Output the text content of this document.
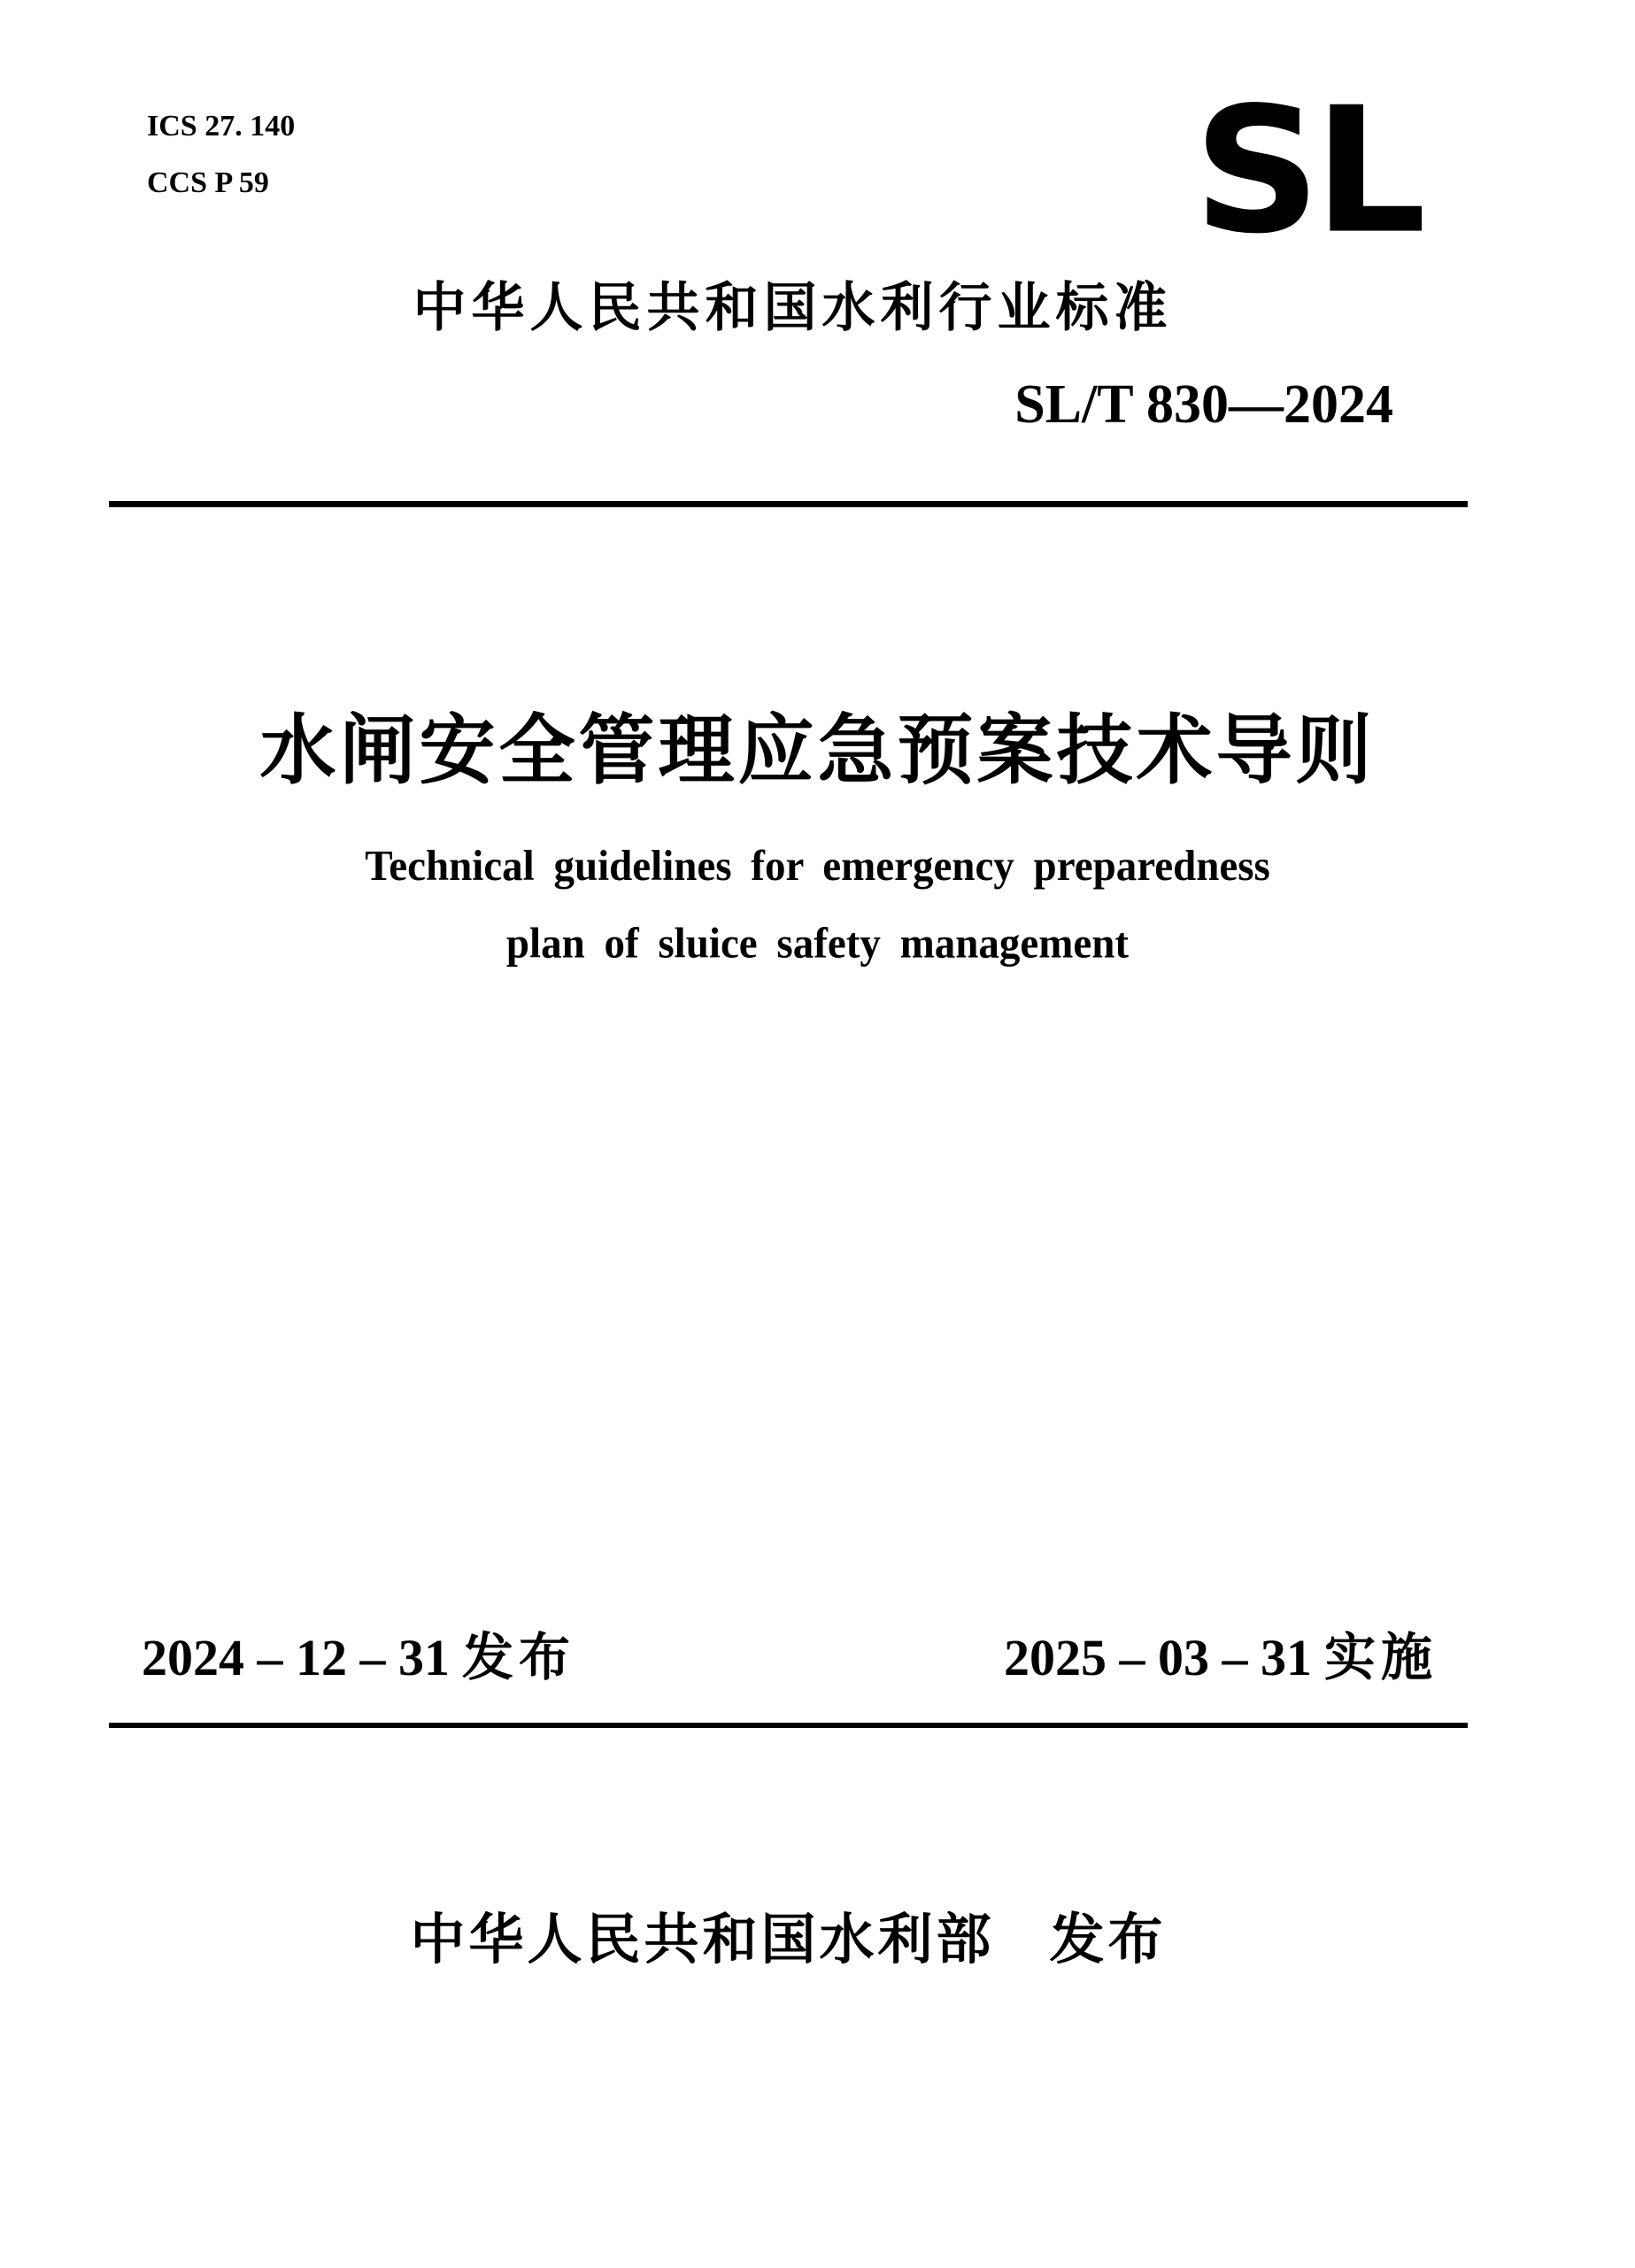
ICS 27. 140
CCS P 59	SL
中华人民共和国水利行业标准
SL/T 830—2024
水闸安全管理应急预案技术导则
Technical guidelines for emergency preparedness
plan of sluice safety management
2024 – 12 – 31 发布	2025 – 03 – 31 实施
中华人民共和国水利部 发布
